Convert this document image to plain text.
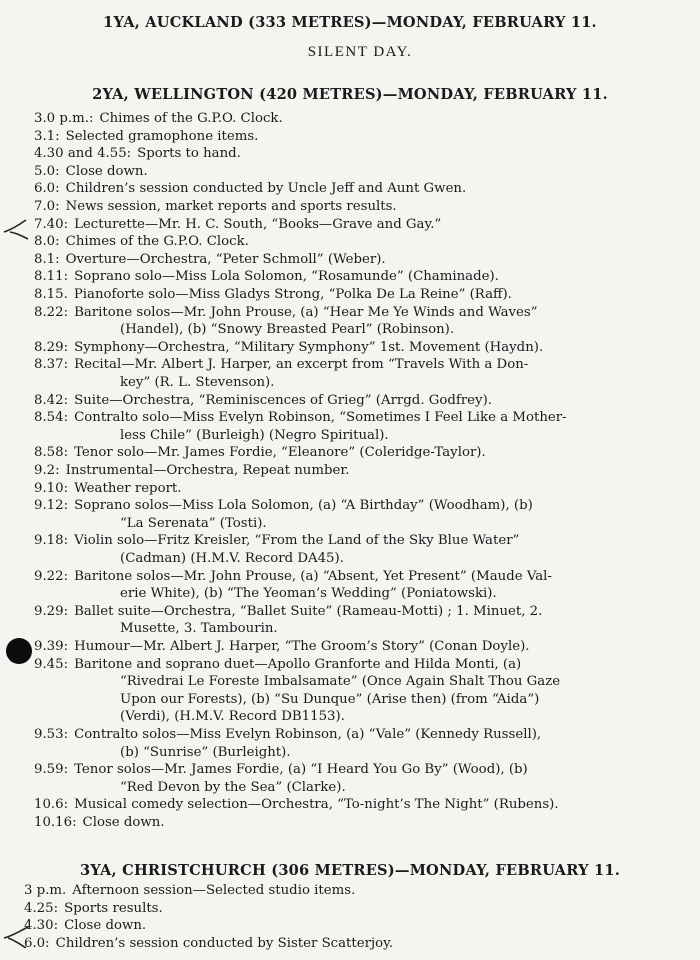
1YA, AUCKLAND (333 METRES)—MONDAY, FEBRUARY 11.
SILENT DAY.
2YA, WELLINGTON (420 METRES)—MONDAY, FEBRUARY 11.
3.0 p.m.: Chimes of the G.P.O. Clock.
3.1: Selected gramophone items.
4.30 and 4.55: Sports to hand.
5.0: Close down.
6.0: Children’s session conducted by Uncle Jeff and Aunt Gwen.
7.0: News session, market reports and sports results.
7.40: Lecturette—Mr. H. C. South, “Books—Grave and Gay.”
8.0: Chimes of the G.P.O. Clock.
8.1: Overture—Orchestra, “Peter Schmoll” (Weber).
8.11: Soprano solo—Miss Lola Solomon, “Rosamunde” (Chaminade).
8.15. Pianoforte solo—Miss Gladys Strong, “Polka De La Reine” (Raff).
8.22: Baritone solos—Mr. John Prouse, (a) “Hear Me Ye Winds and Waves”
(Handel), (b) “Snowy Breasted Pearl” (Robinson).
8.29: Symphony—Orchestra, “Military Symphony” 1st. Movement (Haydn).
8.37: Recital—Mr. Albert J. Harper, an excerpt from “Travels With a Don-
key” (R. L. Stevenson).
8.42: Suite—Orchestra, “Reminiscences of Grieg” (Arrgd. Godfrey).
8.54: Contralto solo—Miss Evelyn Robinson, “Sometimes I Feel Like a Mother-
less Chile” (Burleigh) (Negro Spiritual).
8.58: Tenor solo—Mr. James Fordie, “Eleanore” (Coleridge-Taylor).
9.2: Instrumental—Orchestra, Repeat number.
9.10: Weather report.
9.12: Soprano solos—Miss Lola Solomon, (a) “A Birthday” (Woodham), (b)
“La Serenata” (Tosti).
9.18: Violin solo—Fritz Kreisler, “From the Land of the Sky Blue Water”
(Cadman) (H.M.V. Record DA45).
9.22: Baritone solos—Mr. John Prouse, (a) “Absent, Yet Present” (Maude Val-
erie White), (b) “The Yeoman’s Wedding” (Poniatowski).
9.29: Ballet suite—Orchestra, “Ballet Suite” (Rameau-Motti) ; 1. Minuet, 2.
Musette, 3. Tambourin.
9.39: Humour—Mr. Albert J. Harper, “The Groom’s Story” (Conan Doyle).
9.45: Baritone and soprano duet—Apollo Granforte and Hilda Monti, (a)
“Rivedrai Le Foreste Imbalsamate” (Once Again Shalt Thou Gaze
Upon our Forests), (b) “Su Dunque” (Arise then) (from “Aida”)
(Verdi), (H.M.V. Record DB1153).
9.53: Contralto solos—Miss Evelyn Robinson, (a) “Vale” (Kennedy Russell),
(b) “Sunrise” (Burleight).
9.59: Tenor solos—Mr. James Fordie, (a) “I Heard You Go By” (Wood), (b)
“Red Devon by the Sea” (Clarke).
10.6: Musical comedy selection—Orchestra, “To-night’s The Night” (Rubens).
10.16: Close down.
3YA, CHRISTCHURCH (306 METRES)—MONDAY, FEBRUARY 11.
3 p.m. Afternoon session—Selected studio items.
4.25: Sports results.
4.30: Close down.
6.0: Children’s session conducted by Sister Scatterjoy.
